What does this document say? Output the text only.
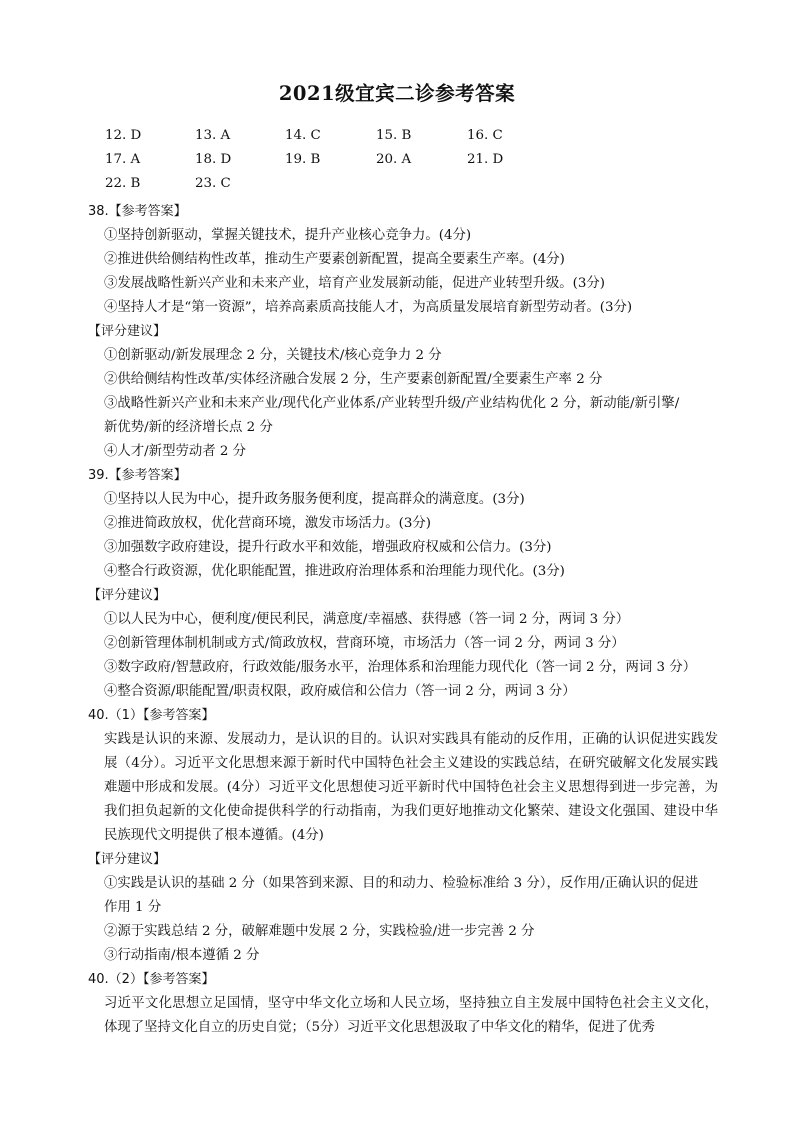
2021级宜宾二诊参考答案
12. D	13. A	14. C	15. B	16. C
17. A	18. D	19. B	20. A	21. D
22. B	23. C
38.【参考答案】
①坚持创新驱动，掌握关键技术，提升产业核心竞争力。(4分)
②推进供给侧结构性改革，推动生产要素创新配置，提高全要素生产率。(4分)
③发展战略性新兴产业和未来产业，培育产业发展新动能，促进产业转型升级。(3分)
④坚持人才是“第一资源”，培养高素质高技能人才，为高质量发展培育新型劳动者。(3分)
【评分建议】
①创新驱动/新发展理念 2 分，关键技术/核心竞争力 2 分
②供给侧结构性改革/实体经济融合发展 2 分，生产要素创新配置/全要素生产率 2 分
③战略性新兴产业和未来产业/现代化产业体系/产业转型升级/产业结构优化 2 分，新动能/新引擎/
新优势/新的经济增长点 2 分
④人才/新型劳动者 2 分
39.【参考答案】
①坚持以人民为中心，提升政务服务便利度，提高群众的满意度。(3分)
②推进简政放权，优化营商环境，激发市场活力。(3分)
③加强数字政府建设，提升行政水平和效能，增强政府权威和公信力。(3分)
④整合行政资源，优化职能配置，推进政府治理体系和治理能力现代化。(3分)
【评分建议】
①以人民为中心，便利度/便民利民，满意度/幸福感、获得感（答一词 2 分，两词 3 分）
②创新管理体制机制或方式/简政放权，营商环境，市场活力（答一词 2 分，两词 3 分）
③数字政府/智慧政府，行政效能/服务水平，治理体系和治理能力现代化（答一词 2 分，两词 3 分）
④整合资源/职能配置/职责权限，政府威信和公信力（答一词 2 分，两词 3 分）
40.（1）【参考答案】
实践是认识的来源、发展动力，是认识的目的。认识对实践具有能动的反作用，正确的认识促进实践发展（4分）。习近平文化思想来源于新时代中国特色社会主义建设的实践总结，在研究破解文化发展实践难题中形成和发展。(4分）习近平文化思想使习近平新时代中国特色社会主义思想得到进一步完善，为我们担负起新的文化使命提供科学的行动指南，为我们更好地推动文化繁荣、建设文化强国、建设中华民族现代文明提供了根本遵循。(4分)
【评分建议】
①实践是认识的基础 2 分（如果答到来源、目的和动力、检验标准给 3 分），反作用/正确认识的促进
作用 1 分
②源于实践总结 2 分，破解难题中发展 2 分，实践检验/进一步完善 2 分
③行动指南/根本遵循 2 分
40.（2）【参考答案】
习近平文化思想立足国情，坚守中华文化立场和人民立场，坚持独立自主发展中国特色社会主义文化，体现了坚持文化自立的历史自觉；（5分）习近平文化思想汲取了中华文化的精华，促进了优秀
